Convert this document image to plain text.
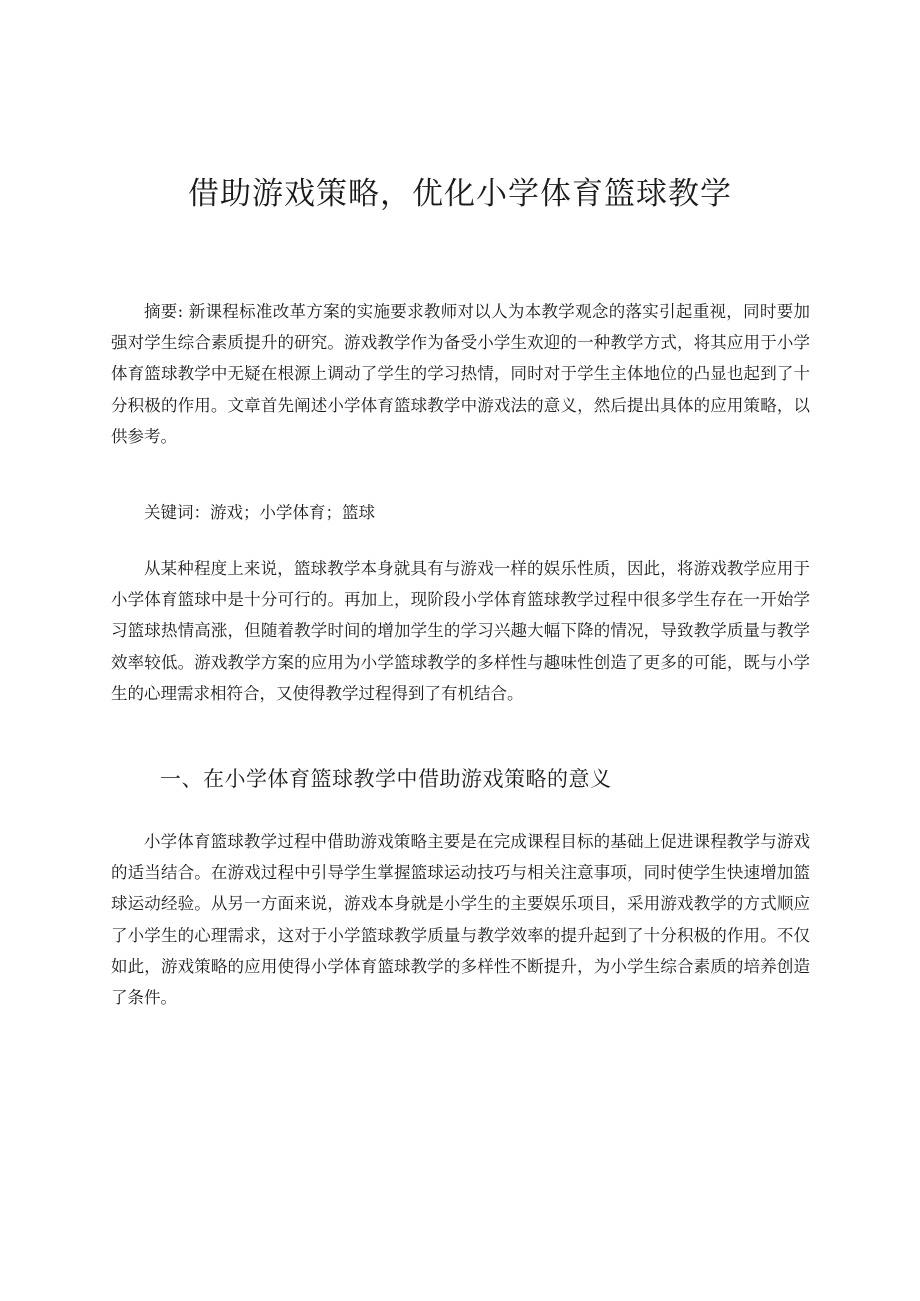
借助游戏策略，优化小学体育篮球教学

摘要: 新课程标准改革方案的实施要求教师对以人为本教学观念的落实引起重视，同时要加强对学生综合素质提升的研究。游戏教学作为备受小学生欢迎的一种教学方式，将其应用于小学体育篮球教学中无疑在根源上调动了学生的学习热情，同时对于学生主体地位的凸显也起到了十分积极的作用。文章首先阐述小学体育篮球教学中游戏法的意义，然后提出具体的应用策略，以供参考。

关键词：游戏；小学体育；篮球

从某种程度上来说，篮球教学本身就具有与游戏一样的娱乐性质，因此，将游戏教学应用于小学体育篮球中是十分可行的。再加上，现阶段小学体育篮球教学过程中很多学生存在一开始学习篮球热情高涨，但随着教学时间的增加学生的学习兴趣大幅下降的情况，导致教学质量与教学效率较低。游戏教学方案的应用为小学篮球教学的多样性与趣味性创造了更多的可能，既与小学生的心理需求相符合，又使得教学过程得到了有机结合。

一、在小学体育篮球教学中借助游戏策略的意义

小学体育篮球教学过程中借助游戏策略主要是在完成课程目标的基础上促进课程教学与游戏的适当结合。在游戏过程中引导学生掌握篮球运动技巧与相关注意事项，同时使学生快速增加篮球运动经验。从另一方面来说，游戏本身就是小学生的主要娱乐项目，采用游戏教学的方式顺应了小学生的心理需求，这对于小学篮球教学质量与教学效率的提升起到了十分积极的作用。不仅如此，游戏策略的应用使得小学体育篮球教学的多样性不断提升，为小学生综合素质的培养创造了条件。
